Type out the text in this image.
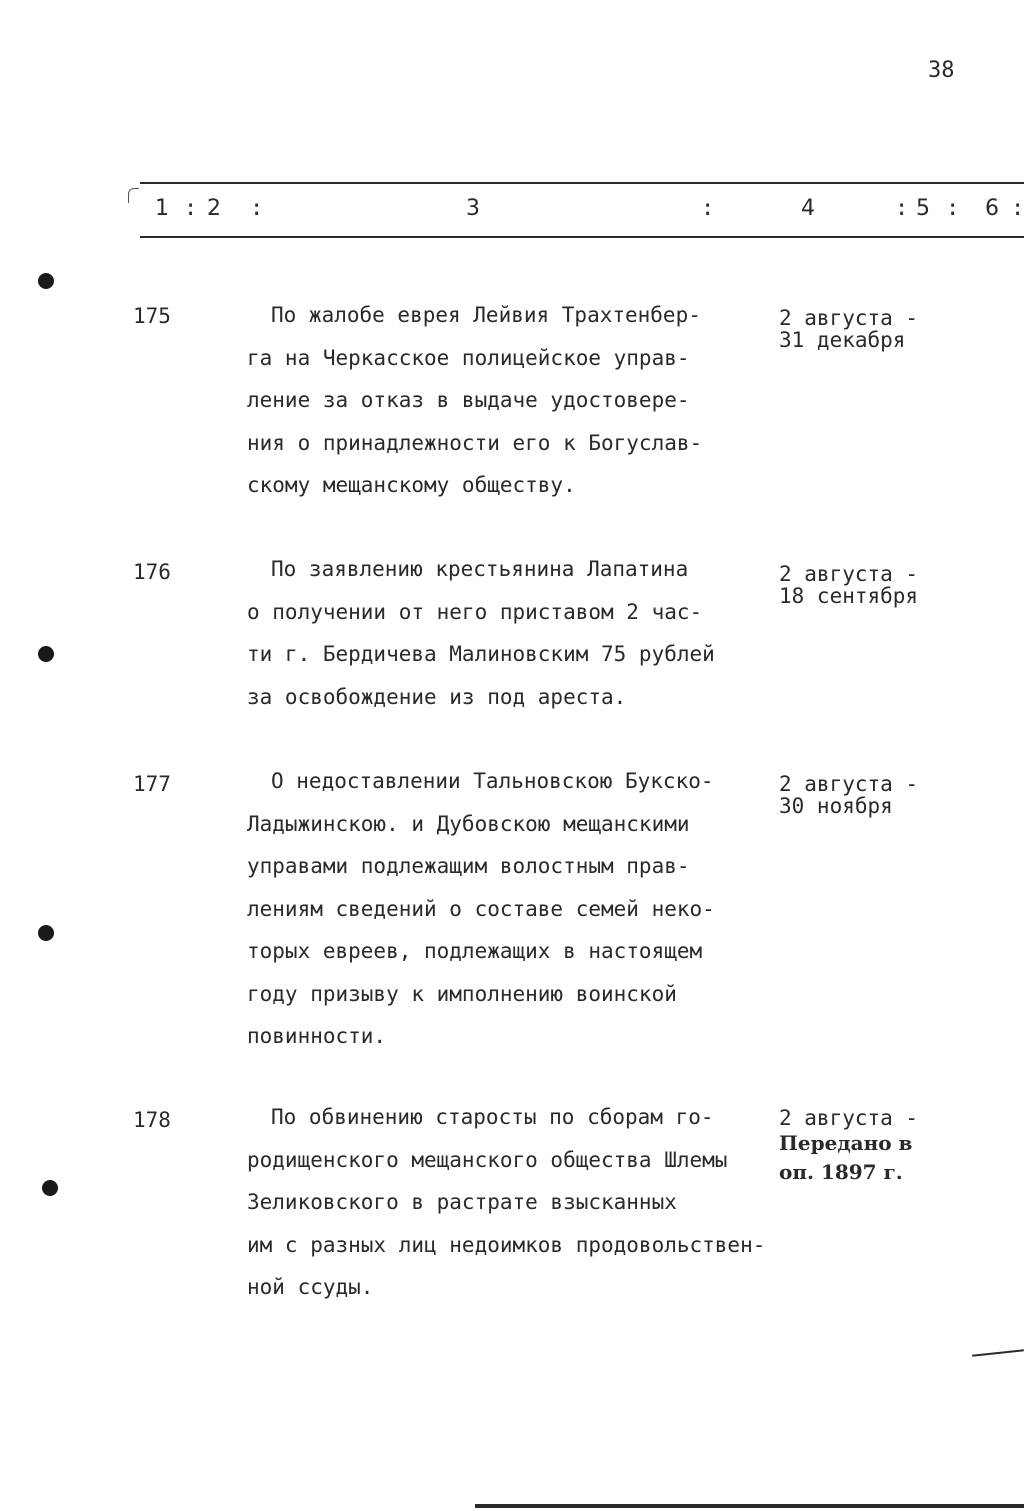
38
1 : 2 :	3	:	4	: 5 : 6 :
175	По жалобе еврея Лейвия Трахтенбер-
га на Черкасское полицейское управ-
ление за отказ в выдаче удостовере-
ния о принадлежности его к Богуслав-
скому мещанскому обществу.
2 августа -
31 декабря
176	По заявлению крестьянина Лапатина
о получении от него приставом 2 час-
ти г. Бердичева Малиновским 75 рублей
за освобождение из под ареста.
2 августа -
18 сентября
177	О недоставлении Тальновскою Букско-
Ладыжинскою. и Дубовскою мещанскими
управами подлежащим волостным прав-
лениям сведений о составе семей неко-
торых евреев, подлежащих в настоящем
году призыву к имполнению воинской
повинности.
2 августа -
30 ноября
178	По обвинению старосты по сборам го-
родищенского мещанского общества Шлемы
Зеликовского в растрате взысканных
им с разных лиц недоимков продовольствен-
ной ссуды.
2 августа -
Передано в
оп. 1897 г.
